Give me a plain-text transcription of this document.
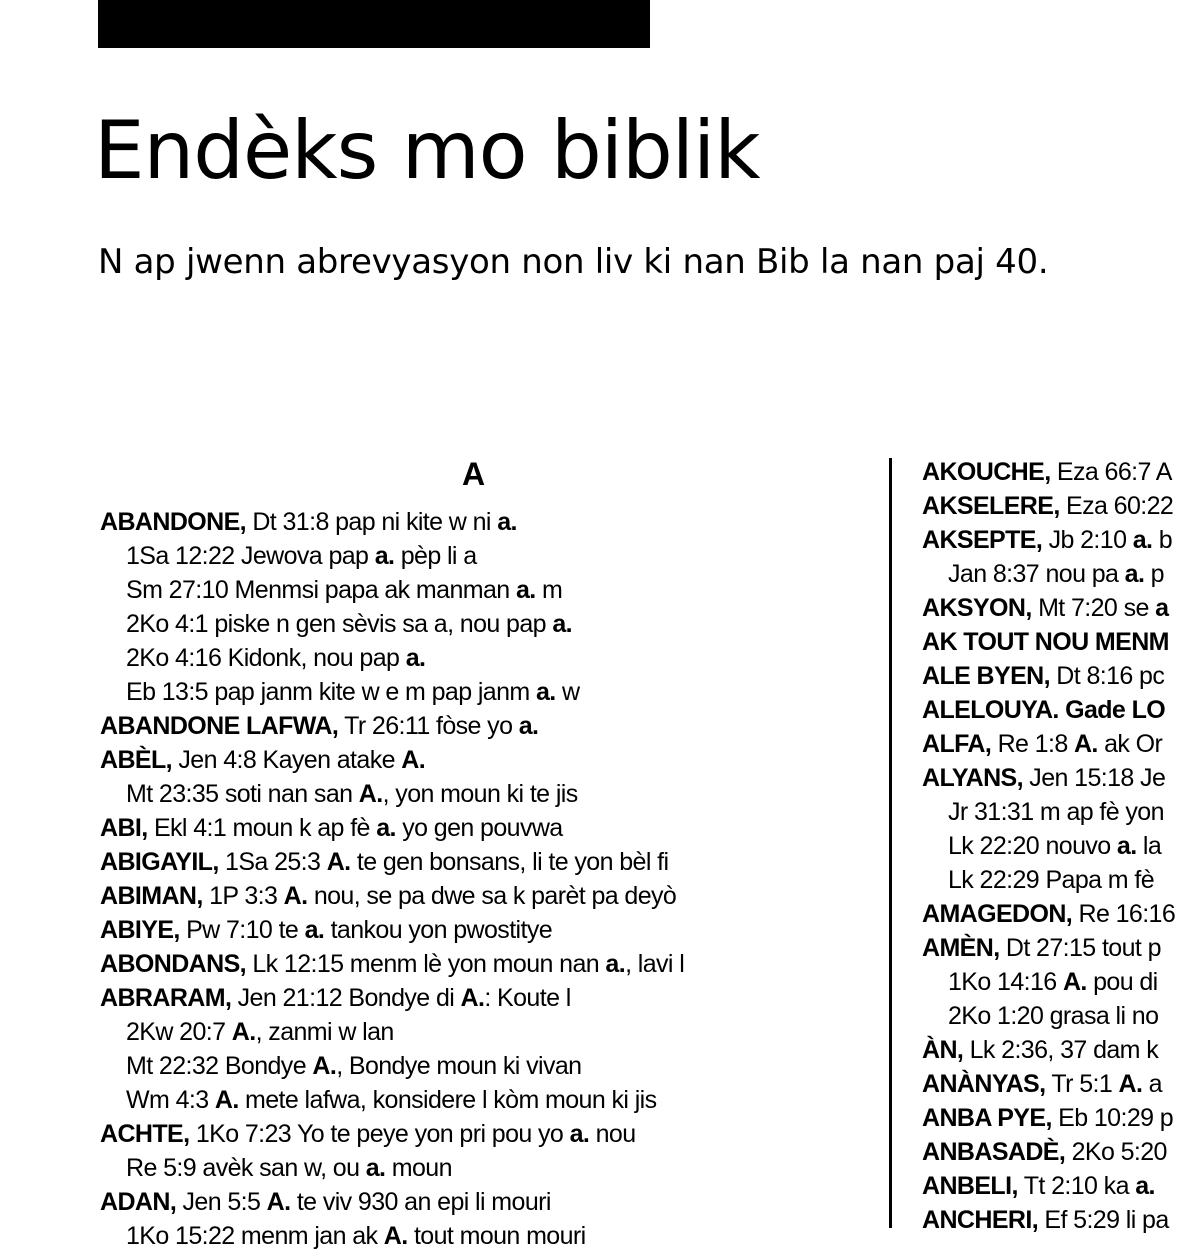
Endèks mo biblik

N ap jwenn abrevyasyon non liv ki nan Bib la nan paj 40.

A
ABANDONE, Dt 31:8 pap ni kite w ni a.
1Sa 12:22 Jewova pap a. pèp li a
Sm 27:10 Menmsi papa ak manman a. m
2Ko 4:1 piske n gen sèvis sa a, nou pap a.
2Ko 4:16 Kidonk, nou pap a.
Eb 13:5 pap janm kite w e m pap janm a. w
ABANDONE LAFWA, Tr 26:11 fòse yo a.
ABÈL, Jen 4:8 Kayen atake A.
Mt 23:35 soti nan san A., yon moun ki te jis
ABI, Ekl 4:1 moun k ap fè a. yo gen pouvwa
ABIGAYIL, 1Sa 25:3 A. te gen bonsans, li te yon bèl fi
ABIMAN, 1P 3:3 A. nou, se pa dwe sa k parèt pa deyò
ABIYE, Pw 7:10 te a. tankou yon pwostitye
ABONDANS, Lk 12:15 menm lè yon moun nan a., lavi l
ABRARAM, Jen 21:12 Bondye di A.: Koute l
2Kw 20:7 A., zanmi w lan
Mt 22:32 Bondye A., Bondye moun ki vivan
Wm 4:3 A. mete lafwa, konsidere l kòm moun ki jis
ACHTE, 1Ko 7:23 Yo te peye yon pri pou yo a. nou
Re 5:9 avèk san w, ou a. moun
ADAN, Jen 5:5 A. te viv 930 an epi li mouri
1Ko 15:22 menm jan ak A. tout moun mouri
AKOUCHE, Eza 66:7 A
AKSELERE, Eza 60:22
AKSEPTE, Jb 2:10 a. b
Jan 8:37 nou pa a. p
AKSYON, Mt 7:20 se a
AK TOUT NOU MENM
ALE BYEN, Dt 8:16 pc
ALELOUYA. Gade LO
ALFA, Re 1:8 A. ak Or
ALYANS, Jen 15:18 Je
Jr 31:31 m ap fè yon
Lk 22:20 nouvo a. la
Lk 22:29 Papa m fè
AMAGEDON, Re 16:16
AMÈN, Dt 27:15 tout p
1Ko 14:16 A. pou di
2Ko 1:20 grasa li no
ÀN, Lk 2:36, 37 dam k
ANÀNYAS, Tr 5:1 A. a
ANBA PYE, Eb 10:29 p
ANBASADÈ, 2Ko 5:20
ANBELI, Tt 2:10 ka a.
ANCHERI, Ef 5:29 li pa
